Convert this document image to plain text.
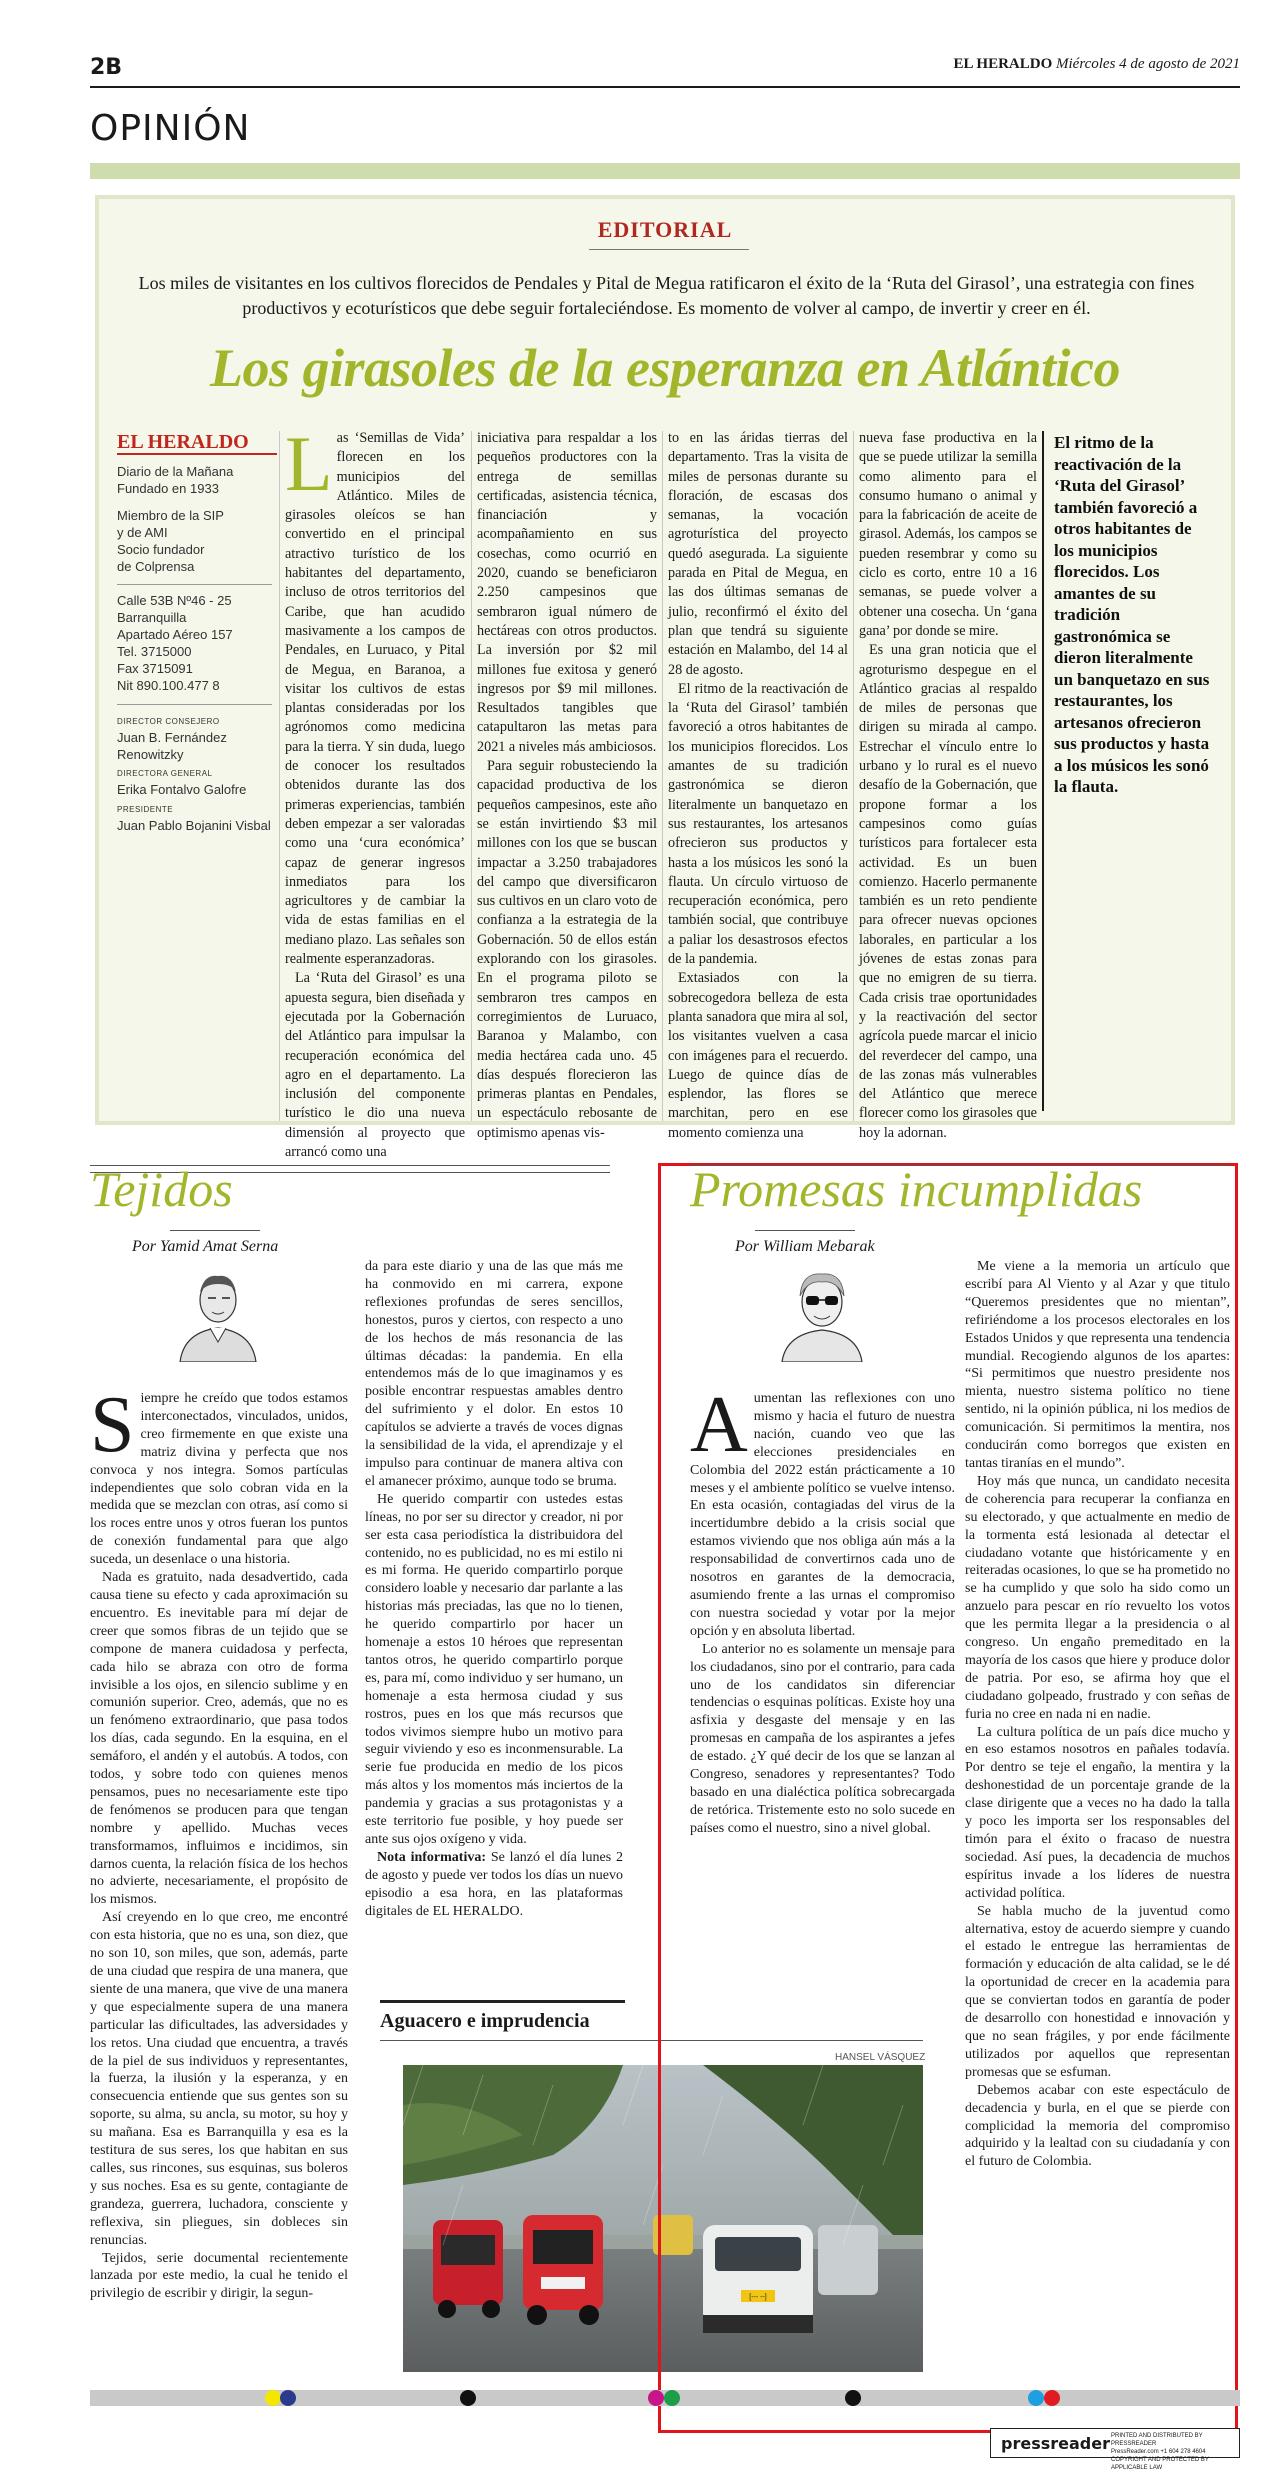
2B	EL HERALDO Miércoles 4 de agosto de 2021
OPINIÓN
EDITORIAL
Los miles de visitantes en los cultivos florecidos de Pendales y Pital de Megua ratificaron el éxito de la ‘Ruta del Girasol’, una estrategia con fines productivos y ecoturísticos que debe seguir fortaleciéndose. Es momento de volver al campo, de invertir y creer en él.
Los girasoles de la esperanza en Atlántico
EL HERALDO
Diario de la Mañana
Fundado en 1933
Miembro de la SIP
y de AMI
Socio fundador
de Colprensa
Calle 53B Nº46 - 25
Barranquilla
Apartado Aéreo 157
Tel. 3715000
Fax 3715091
Nit 890.100.477 8
DIRECTOR CONSEJERO
Juan B. Fernández Renowitzky
DIRECTORA GENERAL
Erika Fontalvo Galofre
PRESIDENTE
Juan Pablo Bojanini Visbal
Las ‘Semillas de Vida’ florecen en los municipios del Atlántico. Miles de girasoles oleícos se han convertido en el principal atractivo turístico de los habitantes del departamento, incluso de otros territorios del Caribe, que han acudido masivamente a los campos de Pendales, en Luruaco, y Pital de Megua, en Baranoa, a visitar los cultivos de estas plantas consideradas por los agrónomos como medicina para la tierra. Y sin duda, luego de conocer los resultados obtenidos durante las dos primeras experiencias, también deben empezar a ser valoradas como una ‘cura económica’ capaz de generar ingresos inmediatos para los agricultores y de cambiar la vida de estas familias en el mediano plazo. Las señales son realmente esperanzadoras.

La ‘Ruta del Girasol’ es una apuesta segura, bien diseñada y ejecutada por la Gobernación del Atlántico para impulsar la recuperación económica del agro en el departamento. La inclusión del componente turístico le dio una nueva dimensión al proyecto que arrancó como una

iniciativa para respaldar a los pequeños productores con la entrega de semillas certificadas, asistencia técnica, financiación y acompañamiento en sus cosechas, como ocurrió en 2020, cuando se beneficiaron 2.250 campesinos que sembraron igual número de hectáreas con otros productos. La inversión por $2 mil millones fue exitosa y generó ingresos por $9 mil millones. Resultados tangibles que catapultaron las metas para 2021 a niveles más ambiciosos.

Para seguir robusteciendo la capacidad productiva de los pequeños campesinos, este año se están invirtiendo $3 mil millones con los que se buscan impactar a 3.250 trabajadores del campo que diversificaron sus cultivos en un claro voto de confianza a la estrategia de la Gobernación. 50 de ellos están explorando con los girasoles. En el programa piloto se sembraron tres campos en corregimientos de Luruaco, Baranoa y Malambo, con media hectárea cada uno. 45 días después florecieron las primeras plantas en Pendales, un espectáculo rebosante de optimismo apenas vis-

to en las áridas tierras del departamento. Tras la visita de miles de personas durante su floración, de escasas dos semanas, la vocación agroturística del proyecto quedó asegurada. La siguiente parada en Pital de Megua, en las dos últimas semanas de julio, reconfirmó el éxito del plan que tendrá su siguiente estación en Malambo, del 14 al 28 de agosto.

El ritmo de la reactivación de la ‘Ruta del Girasol’ también favoreció a otros habitantes de los municipios florecidos. Los amantes de su tradición gastronómica se dieron literalmente un banquetazo en sus restaurantes, los artesanos ofrecieron sus productos y hasta a los músicos les sonó la flauta. Un círculo virtuoso de recuperación económica, pero también social, que contribuye a paliar los desastrosos efectos de la pandemia.

Extasiados con la sobrecogedora belleza de esta planta sanadora que mira al sol, los visitantes vuelven a casa con imágenes para el recuerdo. Luego de quince días de esplendor, las flores se marchitan, pero en ese momento comienza una

nueva fase productiva en la que se puede utilizar la semilla como alimento para el consumo humano o animal y para la fabricación de aceite de girasol. Además, los campos se pueden resembrar y como su ciclo es corto, entre 10 a 16 semanas, se puede volver a obtener una cosecha. Un ‘gana gana’ por donde se mire.

Es una gran noticia que el agroturismo despegue en el Atlántico gracias al respaldo de miles de personas que dirigen su mirada al campo. Estrechar el vínculo entre lo urbano y lo rural es el nuevo desafío de la Gobernación, que propone formar a los campesinos como guías turísticos para fortalecer esta actividad. Es un buen comienzo. Hacerlo permanente también es un reto pendiente para ofrecer nuevas opciones laborales, en particular a los jóvenes de estas zonas para que no emigren de su tierra. Cada crisis trae oportunidades y la reactivación del sector agrícola puede marcar el inicio del reverdecer del campo, una de las zonas más vulnerables del Atlántico que merece florecer como los girasoles que hoy la adornan.

El ritmo de la reactivación de la ‘Ruta del Girasol’ también favoreció a otros habitantes de los municipios florecidos. Los amantes de su tradición gastronómica se dieron literalmente un banquetazo en sus restaurantes, los artesanos ofrecieron sus productos y hasta a los músicos les sonó la flauta.
Tejidos
Por Yamid Amat Serna
S iempre he creído que todos estamos interconectados, vinculados, unidos, creo firmemente en que existe una matriz divina y perfecta que nos convoca y nos integra. Somos partículas independientes que solo cobran vida en la medida que se mezclan con otras, así como si los roces entre unos y otros fueran los puntos de conexión fundamental para que algo suceda, un desenlace o una historia.

Nada es gratuito, nada desadvertido, cada causa tiene su efecto y cada aproximación su encuentro. Es inevitable para mí dejar de creer que somos fibras de un tejido que se compone de manera cuidadosa y perfecta, cada hilo se abraza con otro de forma invisible a los ojos, en silencio sublime y en comunión superior. Creo, además, que no es un fenómeno extraordinario, que pasa todos los días, cada segundo. En la esquina, en el semáforo, el andén y el autobús. A todos, con todos, y sobre todo con quienes menos pensamos, pues no necesariamente este tipo de fenómenos se producen para que tengan nombre y apellido. Muchas veces transformamos, influimos e incidimos, sin darnos cuenta, la relación física de los hechos no advierte, necesariamente, el propósito de los mismos.

Así creyendo en lo que creo, me encontré con esta historia, que no es una, son diez, que no son 10, son miles, que son, además, parte de una ciudad que respira de una manera, que siente de una manera, que vive de una manera y que especialmente supera de una manera particular las dificultades, las adversidades y los retos. Una ciudad que encuentra, a través de la piel de sus individuos y representantes, la fuerza, la ilusión y la esperanza, y en consecuencia entiende que sus gentes son su soporte, su alma, su ancla, su motor, su hoy y su mañana. Esa es Barranquilla y esa es la testitura de sus seres, los que habitan en sus calles, sus rincones, sus esquinas, sus boleros y sus noches. Esa es su gente, contagiante de grandeza, guerrera, luchadora, consciente y reflexiva, sin pliegues, sin dobleces sin renuncias.

Tejidos, serie documental recientemente lanzada por este medio, la cual he tenido el privilegio de escribir y dirigir, la segun-

da para este diario y una de las que más me ha conmovido en mi carrera, expone reflexiones profundas de seres sencillos, honestos, puros y ciertos, con respecto a uno de los hechos de más resonancia de las últimas décadas: la pandemia. En ella entendemos más de lo que imaginamos y es posible encontrar respuestas amables dentro del sufrimiento y el dolor. En estos 10 capítulos se advierte a través de voces dignas la sensibilidad de la vida, el aprendizaje y el impulso para continuar de manera altiva con el amanecer próximo, aunque todo se bruma.

He querido compartir con ustedes estas líneas, no por ser su director y creador, ni por ser esta casa periodística la distribuidora del contenido, no es publicidad, no es mi estilo ni es mi forma. He querido compartirlo porque considero loable y necesario dar parlante a las historias más preciadas, las que no lo tienen, he querido compartirlo por hacer un homenaje a estos 10 héroes que representan tantos otros, he querido compartirlo porque es, para mí, como individuo y ser humano, un homenaje a esta hermosa ciudad y sus rostros, pues en los que más recursos que todos vivimos siempre hubo un motivo para seguir viviendo y eso es inconmensurable. La serie fue producida en medio de los picos más altos y los momentos más inciertos de la pandemia y gracias a sus protagonistas y a este territorio fue posible, y hoy puede ser ante sus ojos oxígeno y vida.

Nota informativa: Se lanzó el día lunes 2 de agosto y puede ver todos los días un nuevo episodio a esa hora, en las plataformas digitales de EL HERALDO.

Aguacero e imprudencia
HANSEL VÁSQUEZ
[--- --]
Promesas incumplidas
Por William Mebarak
A umentan las reflexiones con uno mismo y hacia el futuro de nuestra nación, cuando veo que las elecciones presidenciales en Colombia del 2022 están prácticamente a 10 meses y el ambiente político se vuelve intenso. En esta ocasión, contagiadas del virus de la incertidumbre debido a la crisis social que estamos viviendo que nos obliga aún más a la responsabilidad de convertirnos cada uno de nosotros en garantes de la democracia, asumiendo frente a las urnas el compromiso con nuestra sociedad y votar por la mejor opción y en absoluta libertad.

Lo anterior no es solamente un mensaje para los ciudadanos, sino por el contrario, para cada uno de los candidatos sin diferenciar tendencias o esquinas políticas. Existe hoy una asfixia y desgaste del mensaje y en las promesas en campaña de los aspirantes a jefes de estado. ¿Y qué decir de los que se lanzan al Congreso, senadores y representantes? Todo basado en una dialéctica política sobrecargada de retórica. Tristemente esto no solo sucede en países como el nuestro, sino a nivel global.

Me viene a la memoria un artículo que escribí para Al Viento y al Azar y que titulo “Queremos presidentes que no mientan”, refiriéndome a los procesos electorales en los Estados Unidos y que representa una tendencia mundial. Recogiendo algunos de los apartes: “Si permitimos que nuestro presidente nos mienta, nuestro sistema político no tiene sentido, ni la opinión pública, ni los medios de comunicación. Si permitimos la mentira, nos conducirán como borregos que existen en tantas tiranías en el mundo”.

Hoy más que nunca, un candidato necesita de coherencia para recuperar la confianza en su electorado, y que actualmente en medio de la tormenta está lesionada al detectar el ciudadano votante que históricamente y en reiteradas ocasiones, lo que se ha prometido no se ha cumplido y que solo ha sido como un anzuelo para pescar en río revuelto los votos que les permita llegar a la presidencia o al congreso. Un engaño premeditado en la mayoría de los casos que hiere y produce dolor de patria. Por eso, se afirma hoy que el ciudadano golpeado, frustrado y con señas de furia no cree en nada ni en nadie.

La cultura política de un país dice mucho y en eso estamos nosotros en pañales todavía. Por dentro se teje el engaño, la mentira y la deshonestidad de un porcentaje grande de la clase dirigente que a veces no ha dado la talla y poco les importa ser los responsables del timón para el éxito o fracaso de nuestra sociedad. Así pues, la decadencia de muchos espíritus invade a los líderes de nuestra actividad política.

Se habla mucho de la juventud como alternativa, estoy de acuerdo siempre y cuando el estado le entregue las herramientas de formación y educación de alta calidad, se le dé la oportunidad de crecer en la academia para que se conviertan todos en garantía de poder de desarrollo con honestidad e innovación y que no sean frágiles, y por ende fácilmente utilizados por aquellos que representan promesas que se esfuman.

Debemos acabar con este espectáculo de decadencia y burla, en el que se pierde con complicidad la memoria del compromiso adquirido y la lealtad con su ciudadanía y con el futuro de Colombia.

pressreader PRINTED AND DISTRIBUTED BY PRESSREADER
PressReader.com +1 604 278 4604
COPYRIGHT AND PROTECTED BY APPLICABLE LAW
